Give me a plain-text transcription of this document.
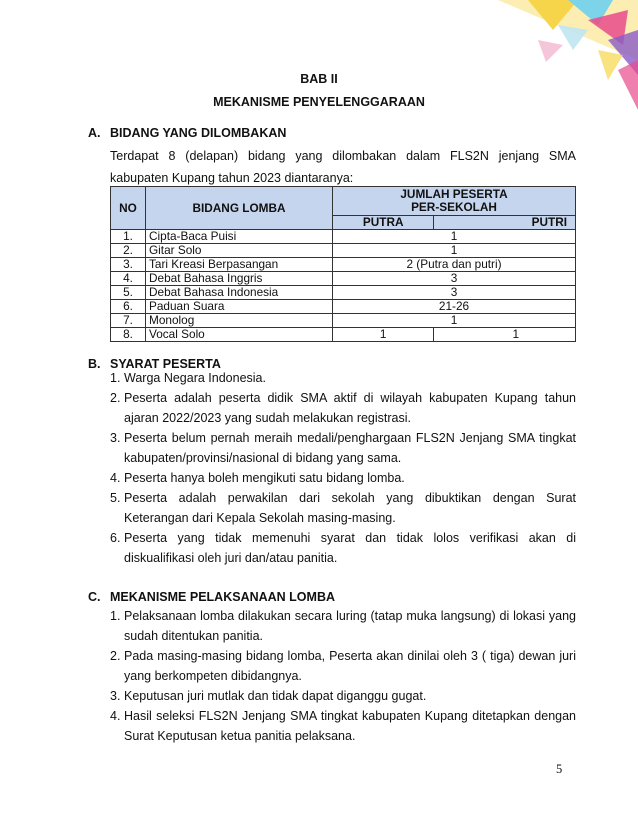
BAB II
MEKANISME PENYELENGGARAAN
A. BIDANG YANG DILOMBAKAN
Terdapat 8 (delapan) bidang yang dilombakan dalam FLS2N jenjang SMA kabupaten Kupang tahun 2023 diantaranya:
NO	BIDANG LOMBA	JUMLAH PESERTA
PER-SEKOLAH	

		PUTRA	PUTRI
1.	Cipta-Baca Puisi	1	
2.	Gitar Solo	1	
3.	Tari Kreasi Berpasangan	2 (Putra dan putri)	
4.	Debat Bahasa Inggris	3	
5.	Debat Bahasa Indonesia	3	
6.	Paduan Suara	21-26	
7.	Monolog	1	
8.	Vocal Solo	1	1
B. SYARAT PESERTA
1. Warga Negara Indonesia.
2. Peserta adalah peserta didik SMA aktif di wilayah kabupaten Kupang tahun ajaran 2022/2023 yang sudah melakukan registrasi.
3. Peserta belum pernah meraih medali/penghargaan FLS2N Jenjang SMA tingkat kabupaten/provinsi/nasional di bidang yang sama.
4. Peserta hanya boleh mengikuti satu bidang lomba.
5. Peserta adalah perwakilan dari sekolah yang dibuktikan dengan Surat Keterangan dari Kepala Sekolah masing-masing.
6. Peserta yang tidak memenuhi syarat dan tidak lolos verifikasi akan di diskualifikasi oleh juri dan/atau panitia.
C. MEKANISME PELAKSANAAN LOMBA
1. Pelaksanaan lomba dilakukan secara luring (tatap muka langsung) di lokasi yang sudah ditentukan panitia.
2. Pada masing-masing bidang lomba, Peserta akan dinilai oleh 3 ( tiga) dewan juri yang berkompeten dibidangnya.
3. Keputusan juri mutlak dan tidak dapat diganggu gugat.
4. Hasil seleksi FLS2N Jenjang SMA tingkat kabupaten Kupang ditetapkan dengan Surat Keputusan ketua panitia pelaksana.
5
